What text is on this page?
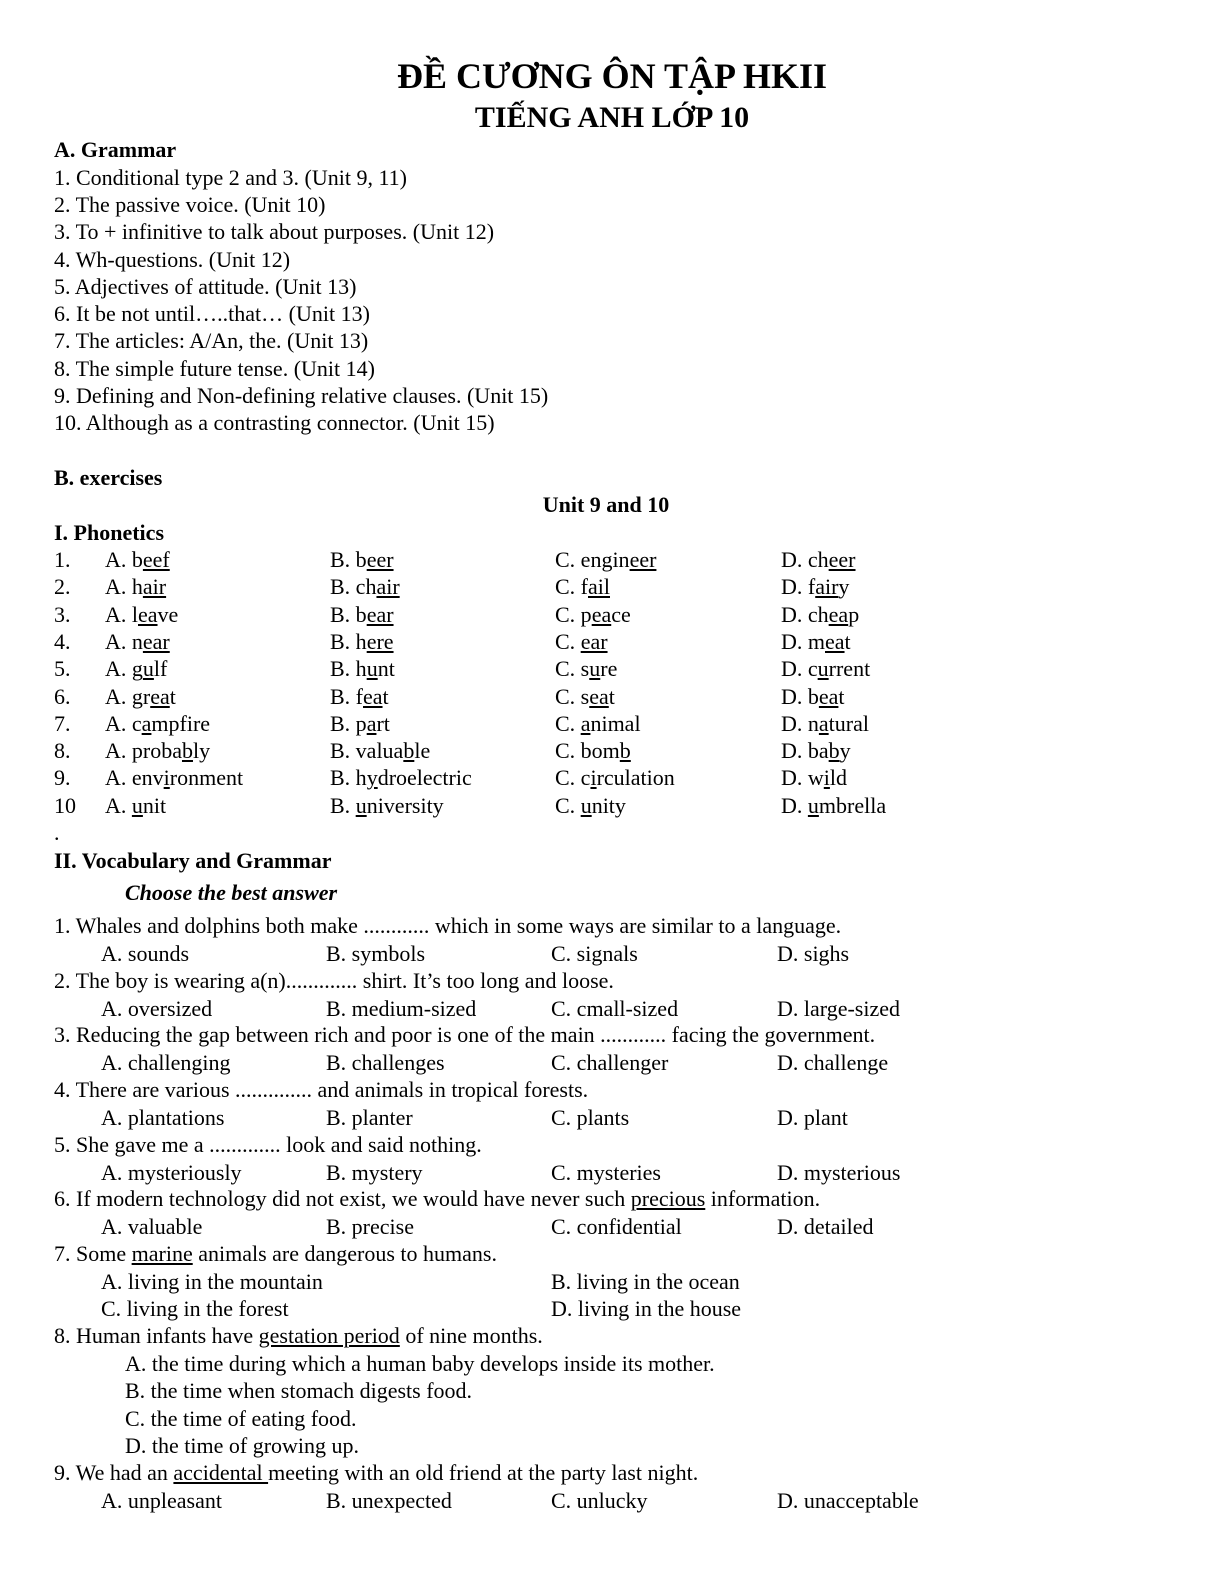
ĐỀ CƯƠNG ÔN TẬP HKII
TIẾNG ANH LỚP 10
A. Grammar
1. Conditional type 2 and 3. (Unit 9, 11)
2. The passive voice. (Unit 10)
3. To + infinitive to talk about purposes. (Unit 12)
4. Wh-questions. (Unit 12)
5. Adjectives of attitude. (Unit 13)
6. It be not until…..that… (Unit 13)
7. The articles: A/An, the. (Unit 13)
8. The simple future tense. (Unit 14)
9. Defining and Non-defining relative clauses. (Unit 15)
10. Although as a contrasting connector. (Unit 15)
B. exercises
Unit 9 and 10
I. Phonetics
1. A. beef	B. beer	C. engineer	D. cheer
2. A. hair	B. chair	C. fail	D. fairy
3. A. leave	B. bear	C. peace	D. cheap
4. A. near	B. here	C. ear	D. meat
5. A. gulf	B. hunt	C. sure	D. current
6. A. great	B. feat	C. seat	D. beat
7. A. campfire	B. part	C. animal	D. natural
8. A. probably	B. valuable	C. bomb	D. baby
9. A. environment	B. hydroelectric	C. circulation	D. wild
10 A. unit	B. university	C. unity	D. umbrella
.
II. Vocabulary and Grammar
Choose the best answer
1. Whales and dolphins both make ............ which in some ways are similar to a language.
A. sounds	B. symbols	C. signals	D. sighs
2. The boy is wearing a(n)............. shirt. It’s too long and loose.
A. oversized	B. medium-sized	C. cmall-sized	D. large-sized
3. Reducing the gap between rich and poor is one of the main ............ facing the government.
A. challenging	B. challenges	C. challenger	D. challenge
4. There are various .............. and animals in tropical forests.
A. plantations	B. planter	C. plants	D. plant
5. She gave me a ............. look and said nothing.
A. mysteriously	B. mystery	C. mysteries	D. mysterious
6. If modern technology did not exist, we would have never such precious information.
A. valuable	B. precise	C. confidential	D. detailed
7. Some marine animals are dangerous to humans.
A. living in the mountain	B. living in the ocean
C. living in the forest	D. living in the house
8. Human infants have gestation period of nine months.
A. the time during which a human baby develops inside its mother.
B. the time when stomach digests food.
C. the time of eating food.
D. the time of growing up.
9. We had an accidental meeting with an old friend at the party last night.
A. unpleasant	B. unexpected	C. unlucky	D. unacceptable
